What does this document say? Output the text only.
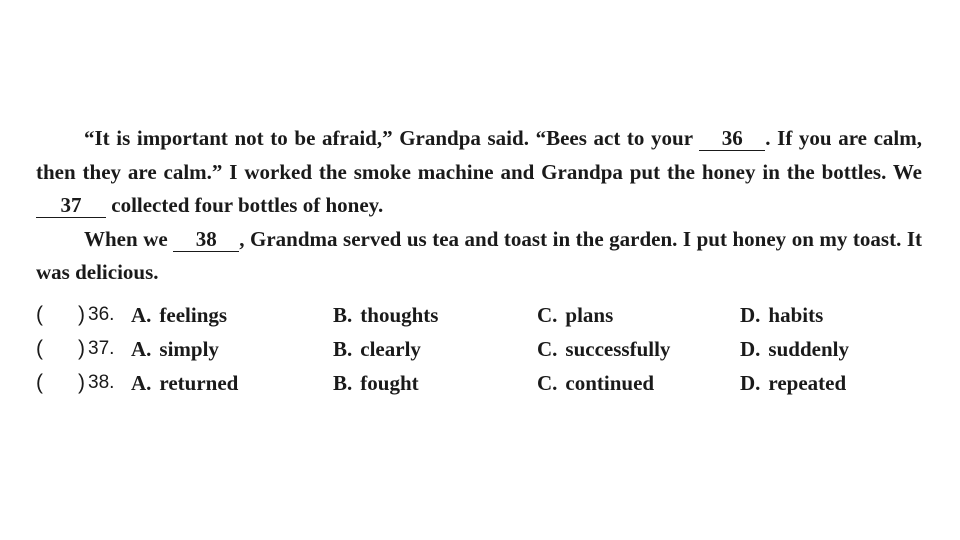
“It is important not to be afraid,” Grandpa said. “Bees act to your 36 . If you are calm, then they are calm.” I worked the smoke machine and Grandpa put the honey in the bottles. We 37 collected four bottles of honey.

When we 38 , Grandma served us tea and toast in the garden. I put honey on my toast. It was delicious.

( ) 36. A. feelings	B. thoughts	C. plans	D. habits
( ) 37. A. simply	B. clearly	C. successfully	D. suddenly
( ) 38. A. returned	B. fought	C. continued	D. repeated
